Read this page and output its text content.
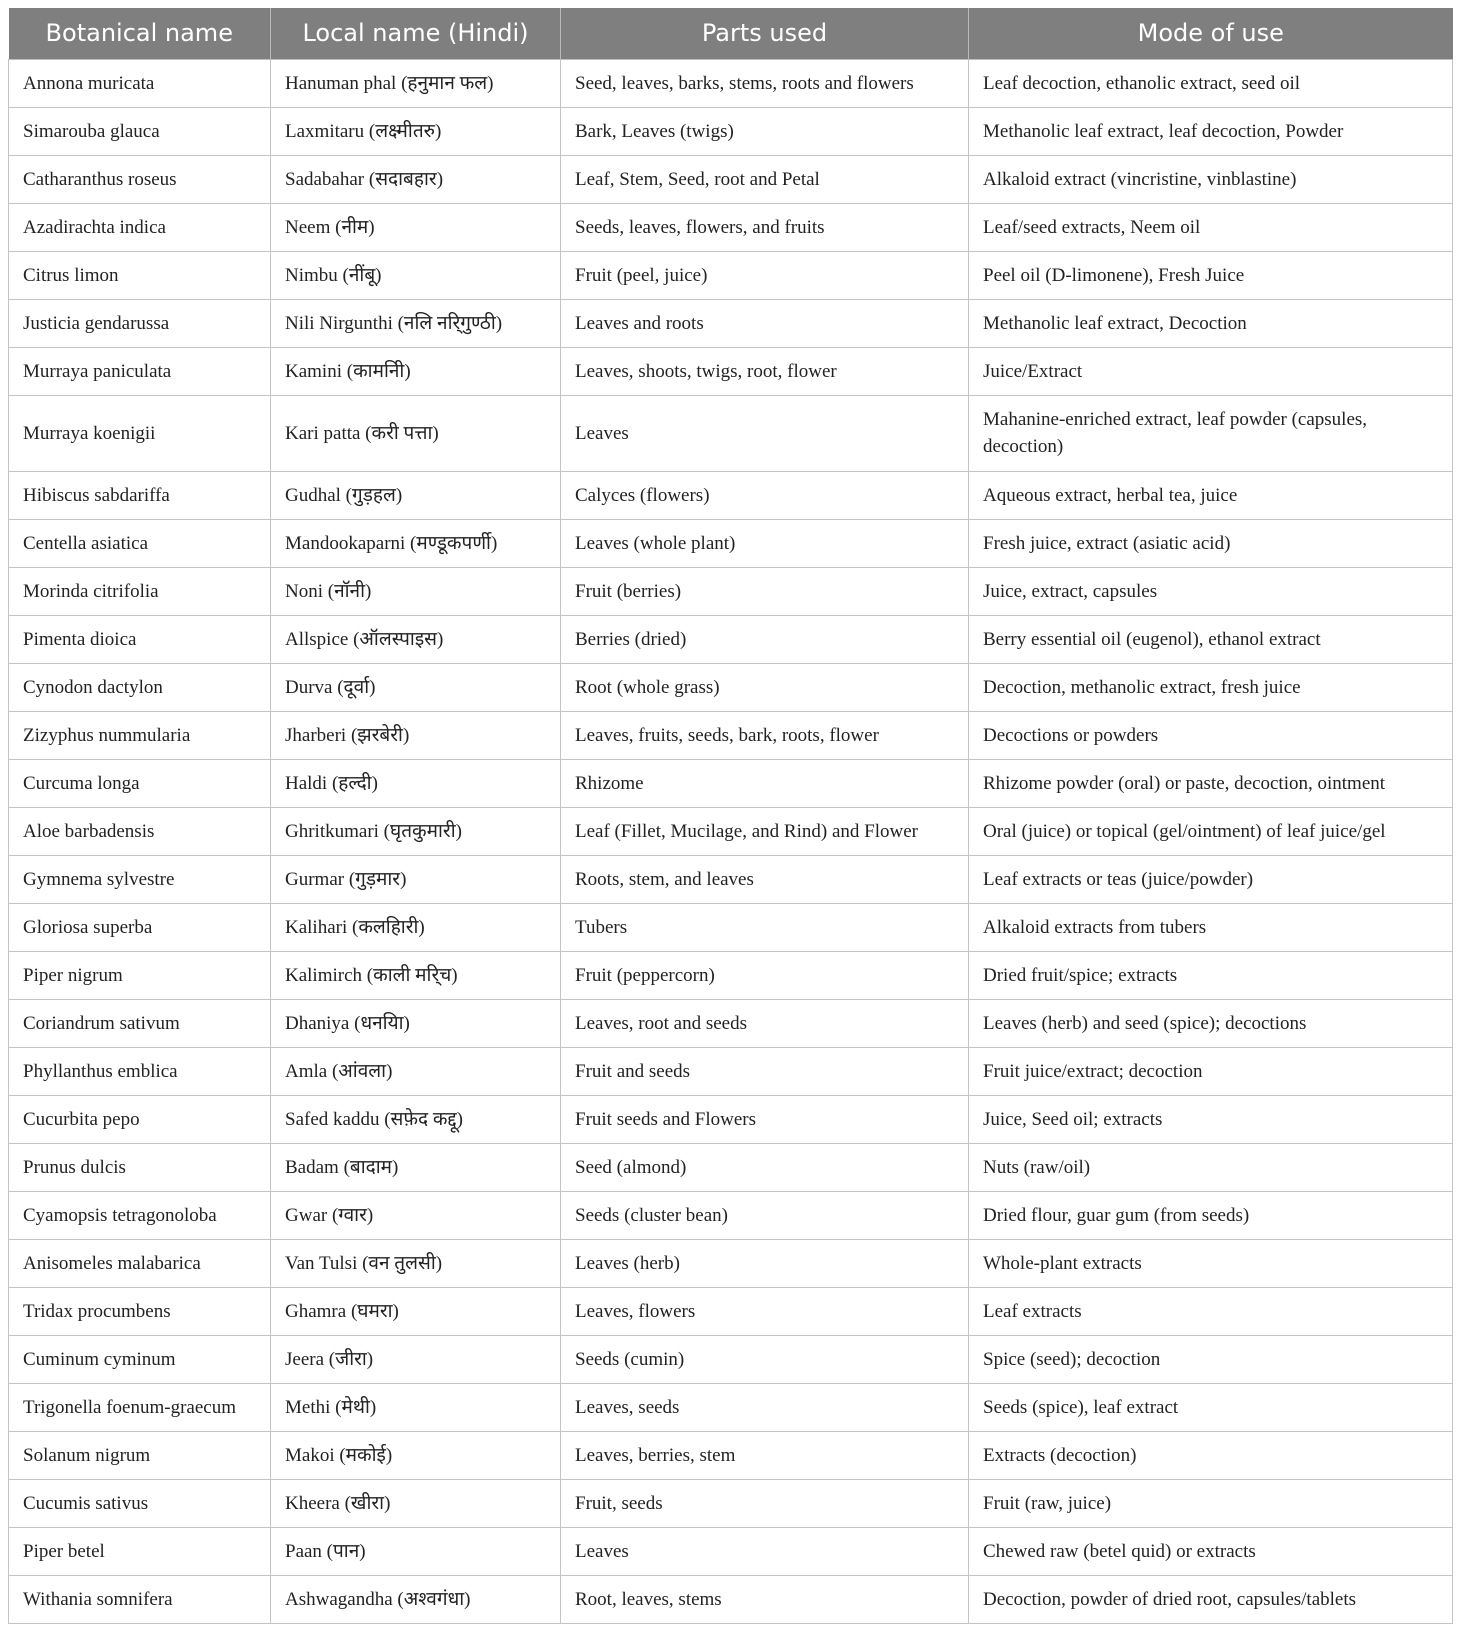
Botanical name	Local name (Hindi)	Parts used	Mode of use
Annona muricata	Hanuman phal (हनुमान फल)	Seed, leaves, barks, stems, roots and flowers	Leaf decoction, ethanolic extract, seed oil
Simarouba glauca	Laxmitaru (लक्ष्मीतरु)	Bark, Leaves (twigs)	Methanolic leaf extract, leaf decoction, Powder
Catharanthus roseus	Sadabahar (सदाबहार)	Leaf, Stem, Seed, root and Petal	Alkaloid extract (vincristine, vinblastine)
Azadirachta indica	Neem (नीम)	Seeds, leaves, flowers, and fruits	Leaf/seed extracts, Neem oil
Citrus limon	Nimbu (नींबू)	Fruit (peel, juice)	Peel oil (D-limonene), Fresh Juice
Justicia gendarussa	Nili Nirgunthi (नलि नरि्गुण्ठी)	Leaves and roots	Methanolic leaf extract, Decoction
Murraya paniculata	Kamini (कामनिी)	Leaves, shoots, twigs, root, flower	Juice/Extract
Murraya koenigii	Kari patta (करी पत्ता)	Leaves	Mahanine-enriched extract, leaf powder (capsules, decoction)
Hibiscus sabdariffa	Gudhal (गुड़हल)	Calyces (flowers)	Aqueous extract, herbal tea, juice
Centella asiatica	Mandookaparni (मण्डूकपर्णी)	Leaves (whole plant)	Fresh juice, extract (asiatic acid)
Morinda citrifolia	Noni (नॉनी)	Fruit (berries)	Juice, extract, capsules
Pimenta dioica	Allspice (ऑलस्पाइस)	Berries (dried)	Berry essential oil (eugenol), ethanol extract
Cynodon dactylon	Durva (दूर्वा)	Root (whole grass)	Decoction, methanolic extract, fresh juice
Zizyphus nummularia	Jharberi (झरबेरी)	Leaves, fruits, seeds, bark, roots, flower	Decoctions or powders
Curcuma longa	Haldi (हल्दी)	Rhizome	Rhizome powder (oral) or paste, decoction, ointment
Aloe barbadensis	Ghritkumari (घृतकुमारी)	Leaf (Fillet, Mucilage, and Rind) and Flower	Oral (juice) or topical (gel/ointment) of leaf juice/gel
Gymnema sylvestre	Gurmar (गुड़मार)	Roots, stem, and leaves	Leaf extracts or teas (juice/powder)
Gloriosa superba	Kalihari (कलहिारी)	Tubers	Alkaloid extracts from tubers
Piper nigrum	Kalimirch (काली मरि्च)	Fruit (peppercorn)	Dried fruit/spice; extracts
Coriandrum sativum	Dhaniya (धनयिा)	Leaves, root and seeds	Leaves (herb) and seed (spice); decoctions
Phyllanthus emblica	Amla (आंवला)	Fruit and seeds	Fruit juice/extract; decoction
Cucurbita pepo	Safed kaddu (सफ़ेद कद्दू)	Fruit seeds and Flowers	Juice, Seed oil; extracts
Prunus dulcis	Badam (बादाम)	Seed (almond)	Nuts (raw/oil)
Cyamopsis tetragonoloba	Gwar (ग्वार)	Seeds (cluster bean)	Dried flour, guar gum (from seeds)
Anisomeles malabarica	Van Tulsi (वन तुलसी)	Leaves (herb)	Whole-plant extracts
Tridax procumbens	Ghamra (घमरा)	Leaves, flowers	Leaf extracts
Cuminum cyminum	Jeera (जीरा)	Seeds (cumin)	Spice (seed); decoction
Trigonella foenum-graecum	Methi (मेथी)	Leaves, seeds	Seeds (spice), leaf extract
Solanum nigrum	Makoi (मकोई)	Leaves, berries, stem	Extracts (decoction)
Cucumis sativus	Kheera (खीरा)	Fruit, seeds	Fruit (raw, juice)
Piper betel	Paan (पान)	Leaves	Chewed raw (betel quid) or extracts
Withania somnifera	Ashwagandha (अश्वगंधा)	Root, leaves, stems	Decoction, powder of dried root, capsules/tablets
